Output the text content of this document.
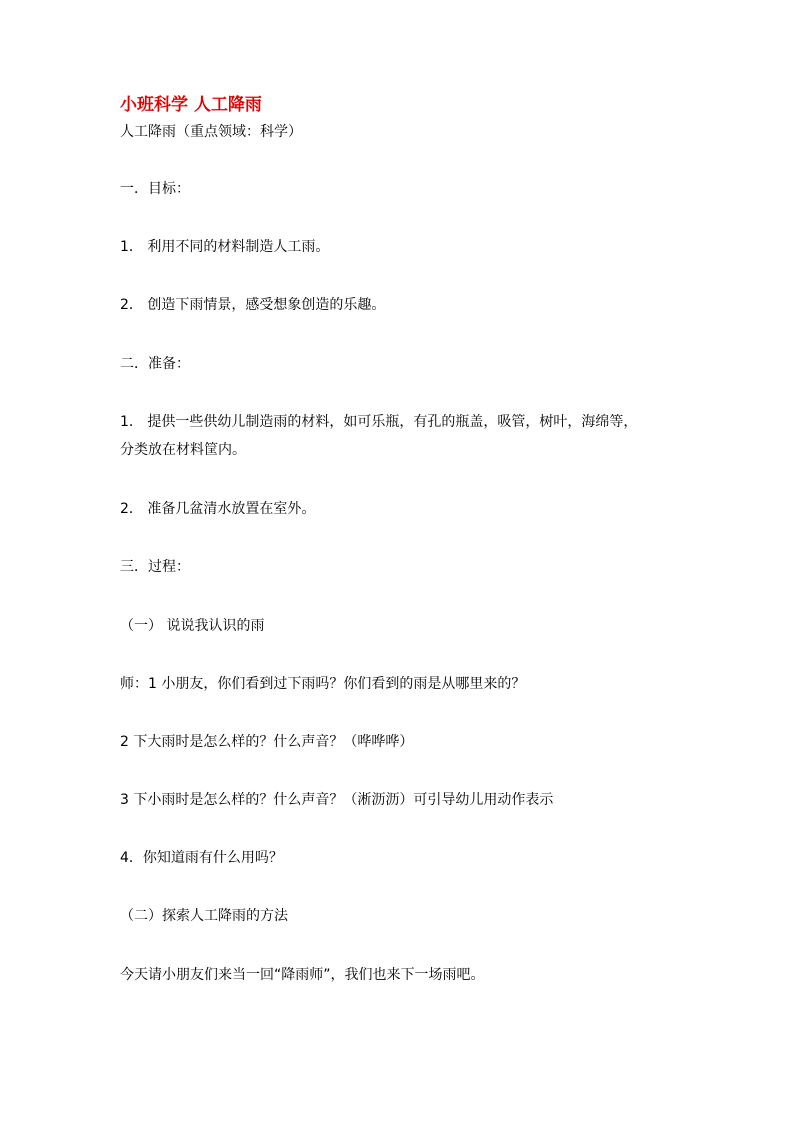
小班科学 人工降雨
人工降雨（重点领域：科学）
一．目标：
1． 利用不同的材料制造人工雨。
2． 创造下雨情景，感受想象创造的乐趣。
二．准备：
1． 提供一些供幼儿制造雨的材料，如可乐瓶，有孔的瓶盖，吸管，树叶，海绵等，
分类放在材料筐内。
2． 准备几盆清水放置在室外。
三．过程：
（一） 说说我认识的雨
师：1 小朋友，你们看到过下雨吗？你们看到的雨是从哪里来的？
2 下大雨时是怎么样的？什么声音？（哗哗哗）
3 下小雨时是怎么样的？什么声音？（淅沥沥）可引导幼儿用动作表示
4．你知道雨有什么用吗？
（二）探索人工降雨的方法
今天请小朋友们来当一回“降雨师”，我们也来下一场雨吧。
